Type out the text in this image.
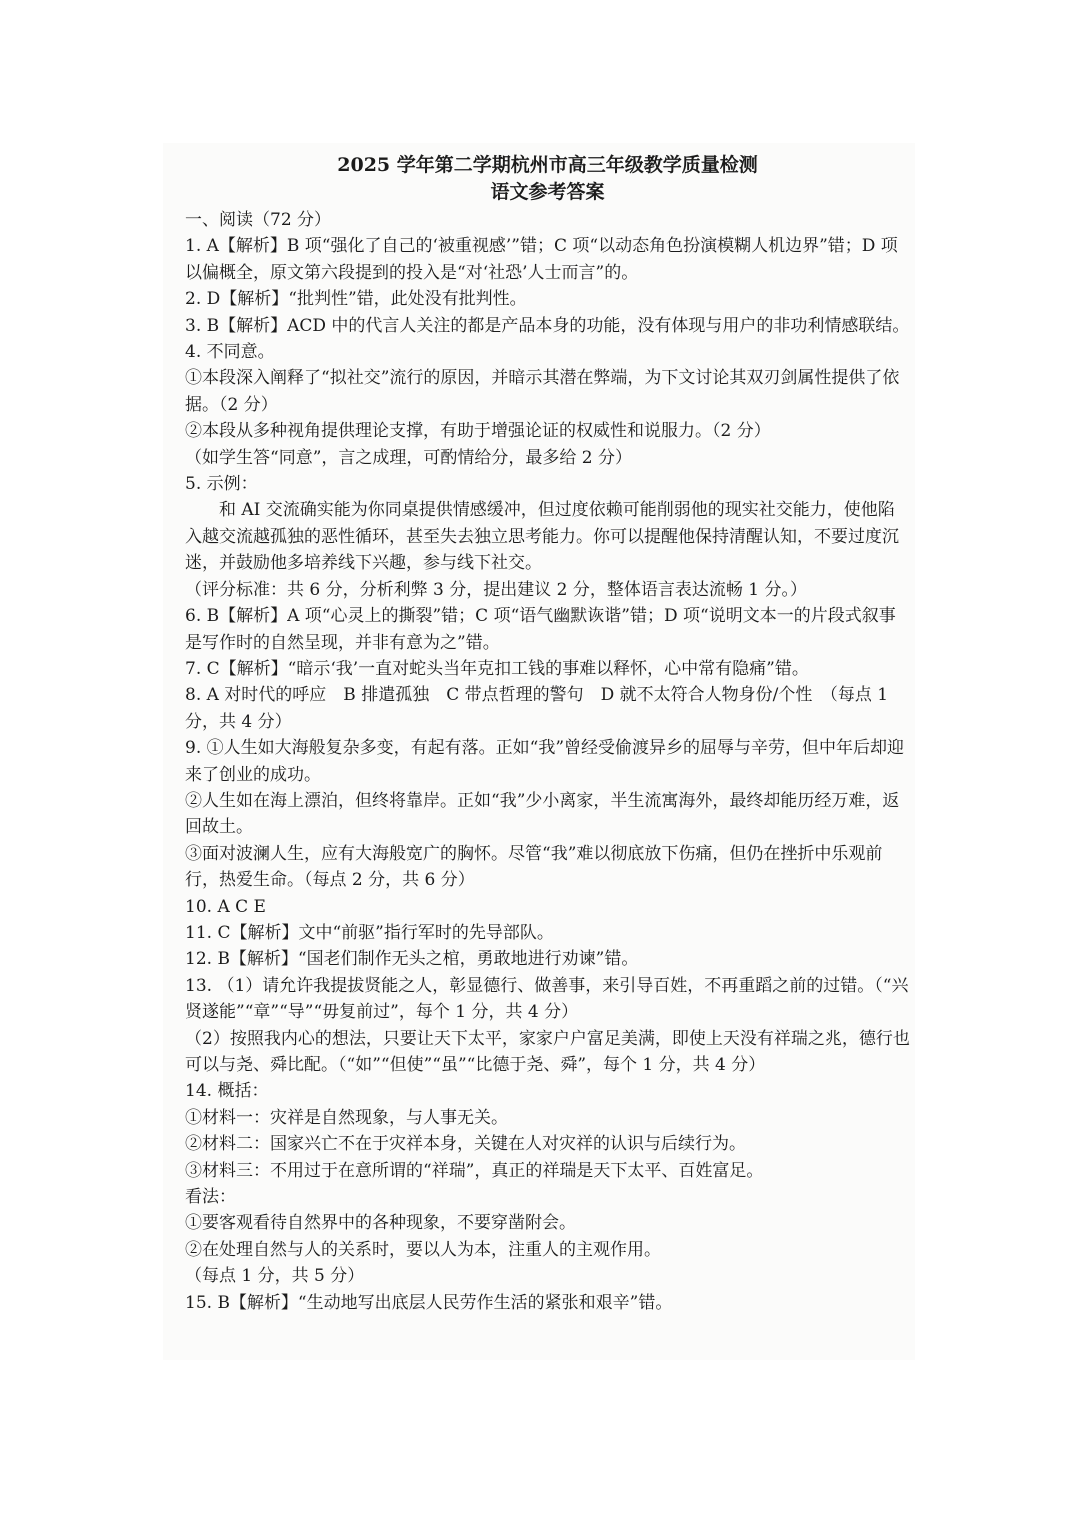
2025 学年第二学期杭州市高三年级教学质量检测
语文参考答案

一、阅读（72 分）

1. A【解析】B 项“强化了自己的‘被重视感’”错；C 项“以动态角色扮演模糊人机边界”错；D 项以偏概全，原文第六段提到的投入是“对‘社恐’人士而言”的。

2. D【解析】“批判性”错，此处没有批判性。

3. B【解析】ACD 中的代言人关注的都是产品本身的功能，没有体现与用户的非功利情感联结。

4. 不同意。

①本段深入阐释了“拟社交”流行的原因，并暗示其潜在弊端，为下文讨论其双刃剑属性提供了依据。（2 分）

②本段从多种视角提供理论支撑，有助于增强论证的权威性和说服力。（2 分）

（如学生答“同意”，言之成理，可酌情给分，最多给 2 分）

5. 示例：

和 AI 交流确实能为你同桌提供情感缓冲，但过度依赖可能削弱他的现实社交能力，使他陷入越交流越孤独的恶性循环，甚至失去独立思考能力。你可以提醒他保持清醒认知，不要过度沉迷，并鼓励他多培养线下兴趣，参与线下社交。

（评分标准：共 6 分，分析利弊 3 分，提出建议 2 分，整体语言表达流畅 1 分。）

6. B【解析】A 项“心灵上的撕裂”错；C 项“语气幽默诙谐”错；D 项“说明文本一的片段式叙事是写作时的自然呈现，并非有意为之”错。

7. C【解析】“暗示‘我’一直对蛇头当年克扣工钱的事难以释怀，心中常有隐痛”错。

8. A 对时代的呼应　B 排遣孤独　C 带点哲理的警句　D 就不太符合人物身份/个性　（每点 1 分，共 4 分）

9. ①人生如大海般复杂多变，有起有落。正如“我”曾经受偷渡异乡的屈辱与辛劳，但中年后却迎来了创业的成功。

②人生如在海上漂泊，但终将靠岸。正如“我”少小离家，半生流寓海外，最终却能历经万难，返回故土。

③面对波澜人生，应有大海般宽广的胸怀。尽管“我”难以彻底放下伤痛，但仍在挫折中乐观前行，热爱生命。（每点 2 分，共 6 分）

10. A C E

11. C【解析】文中“前驱”指行军时的先导部队。

12. B【解析】“国老们制作无头之棺，勇敢地进行劝谏”错。

13. （1）请允许我提拔贤能之人，彰显德行、做善事，来引导百姓，不再重蹈之前的过错。（“兴贤遂能”“章”“导”“毋复前过”，每个 1 分，共 4 分）

（2）按照我内心的想法，只要让天下太平，家家户户富足美满，即使上天没有祥瑞之兆，德行也可以与尧、舜比配。（“如”“但使”“虽”“比德于尧、舜”，每个 1 分，共 4 分）

14. 概括：

①材料一：灾祥是自然现象，与人事无关。

②材料二：国家兴亡不在于灾祥本身，关键在人对灾祥的认识与后续行为。

③材料三：不用过于在意所谓的“祥瑞”，真正的祥瑞是天下太平、百姓富足。

看法：

①要客观看待自然界中的各种现象，不要穿凿附会。

②在处理自然与人的关系时，要以人为本，注重人的主观作用。

（每点 1 分，共 5 分）

15. B【解析】“生动地写出底层人民劳作生活的紧张和艰辛”错。
